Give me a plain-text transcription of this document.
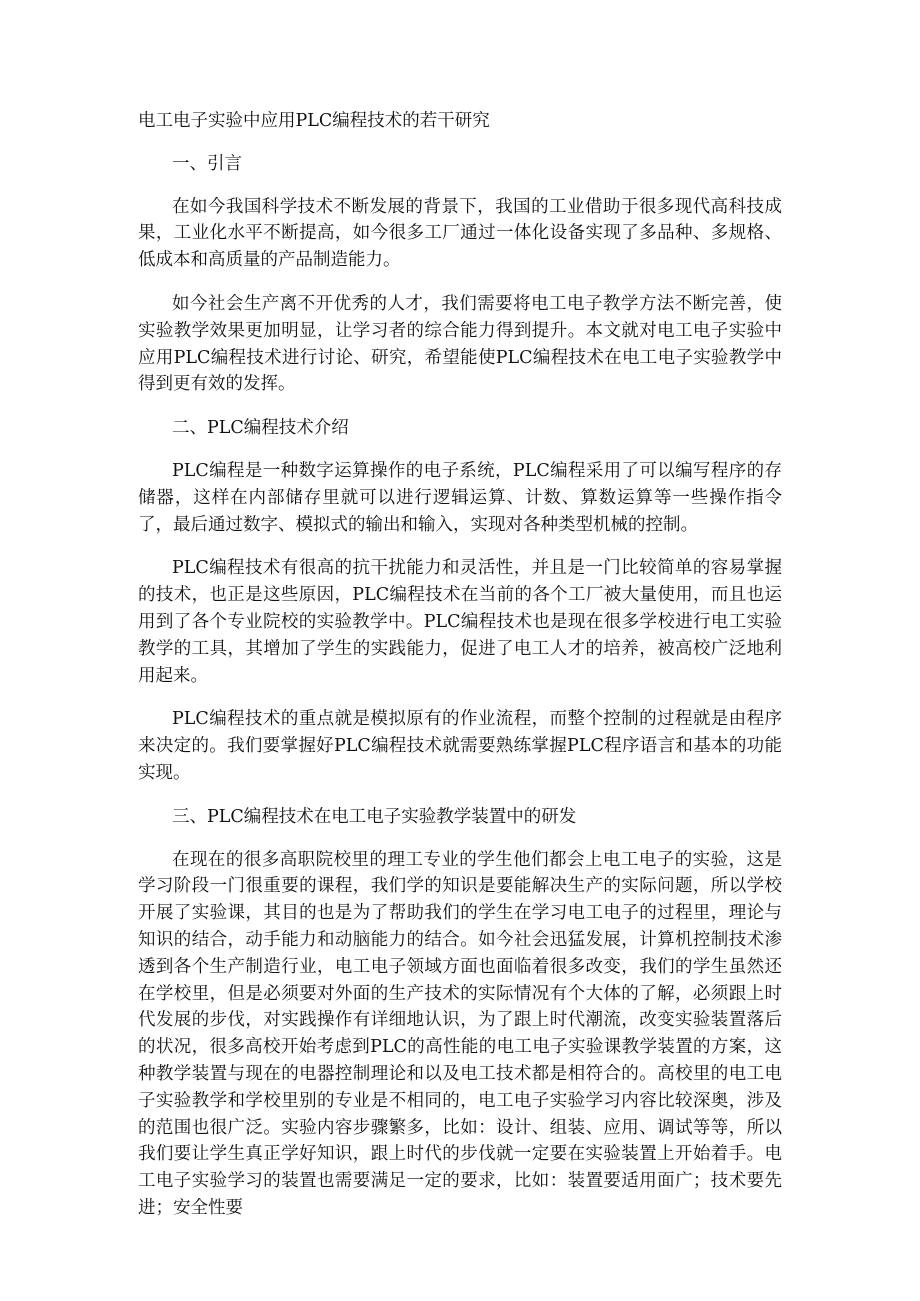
电工电子实验中应用PLC编程技术的若干研究

一、引言

在如今我国科学技术不断发展的背景下，我国的工业借助于很多现代高科技成果，工业化水平不断提高，如今很多工厂通过一体化设备实现了多品种、多规格、低成本和高质量的产品制造能力。

如今社会生产离不开优秀的人才，我们需要将电工电子教学方法不断完善，使实验教学效果更加明显，让学习者的综合能力得到提升。本文就对电工电子实验中应用PLC编程技术进行讨论、研究，希望能使PLC编程技术在电工电子实验教学中得到更有效的发挥。

二、PLC编程技术介绍

PLC编程是一种数字运算操作的电子系统，PLC编程采用了可以编写程序的存储器，这样在内部储存里就可以进行逻辑运算、计数、算数运算等一些操作指令了，最后通过数字、模拟式的输出和输入，实现对各种类型机械的控制。

PLC编程技术有很高的抗干扰能力和灵活性，并且是一门比较简单的容易掌握的技术，也正是这些原因，PLC编程技术在当前的各个工厂被大量使用，而且也运用到了各个专业院校的实验教学中。PLC编程技术也是现在很多学校进行电工实验教学的工具，其增加了学生的实践能力，促进了电工人才的培养，被高校广泛地利用起来。

PLC编程技术的重点就是模拟原有的作业流程，而整个控制的过程就是由程序来决定的。我们要掌握好PLC编程技术就需要熟练掌握PLC程序语言和基本的功能实现。

三、PLC编程技术在电工电子实验教学装置中的研发

在现在的很多高职院校里的理工专业的学生他们都会上电工电子的实验，这是学习阶段一门很重要的课程，我们学的知识是要能解决生产的实际问题，所以学校开展了实验课，其目的也是为了帮助我们的学生在学习电工电子的过程里，理论与知识的结合，动手能力和动脑能力的结合。如今社会迅猛发展，计算机控制技术渗透到各个生产制造行业，电工电子领域方面也面临着很多改变，我们的学生虽然还在学校里，但是必须要对外面的生产技术的实际情况有个大体的了解，必须跟上时代发展的步伐，对实践操作有详细地认识，为了跟上时代潮流，改变实验装置落后的状况，很多高校开始考虑到PLC的高性能的电工电子实验课教学装置的方案，这种教学装置与现在的电器控制理论和以及电工技术都是相符合的。高校里的电工电子实验教学和学校里别的专业是不相同的，电工电子实验学习内容比较深奥，涉及的范围也很广泛。实验内容步骤繁多，比如：设计、组装、应用、调试等等，所以我们要让学生真正学好知识，跟上时代的步伐就一定要在实验装置上开始着手。电工电子实验学习的装置也需要满足一定的要求，比如：装置要适用面广；技术要先进；安全性要
